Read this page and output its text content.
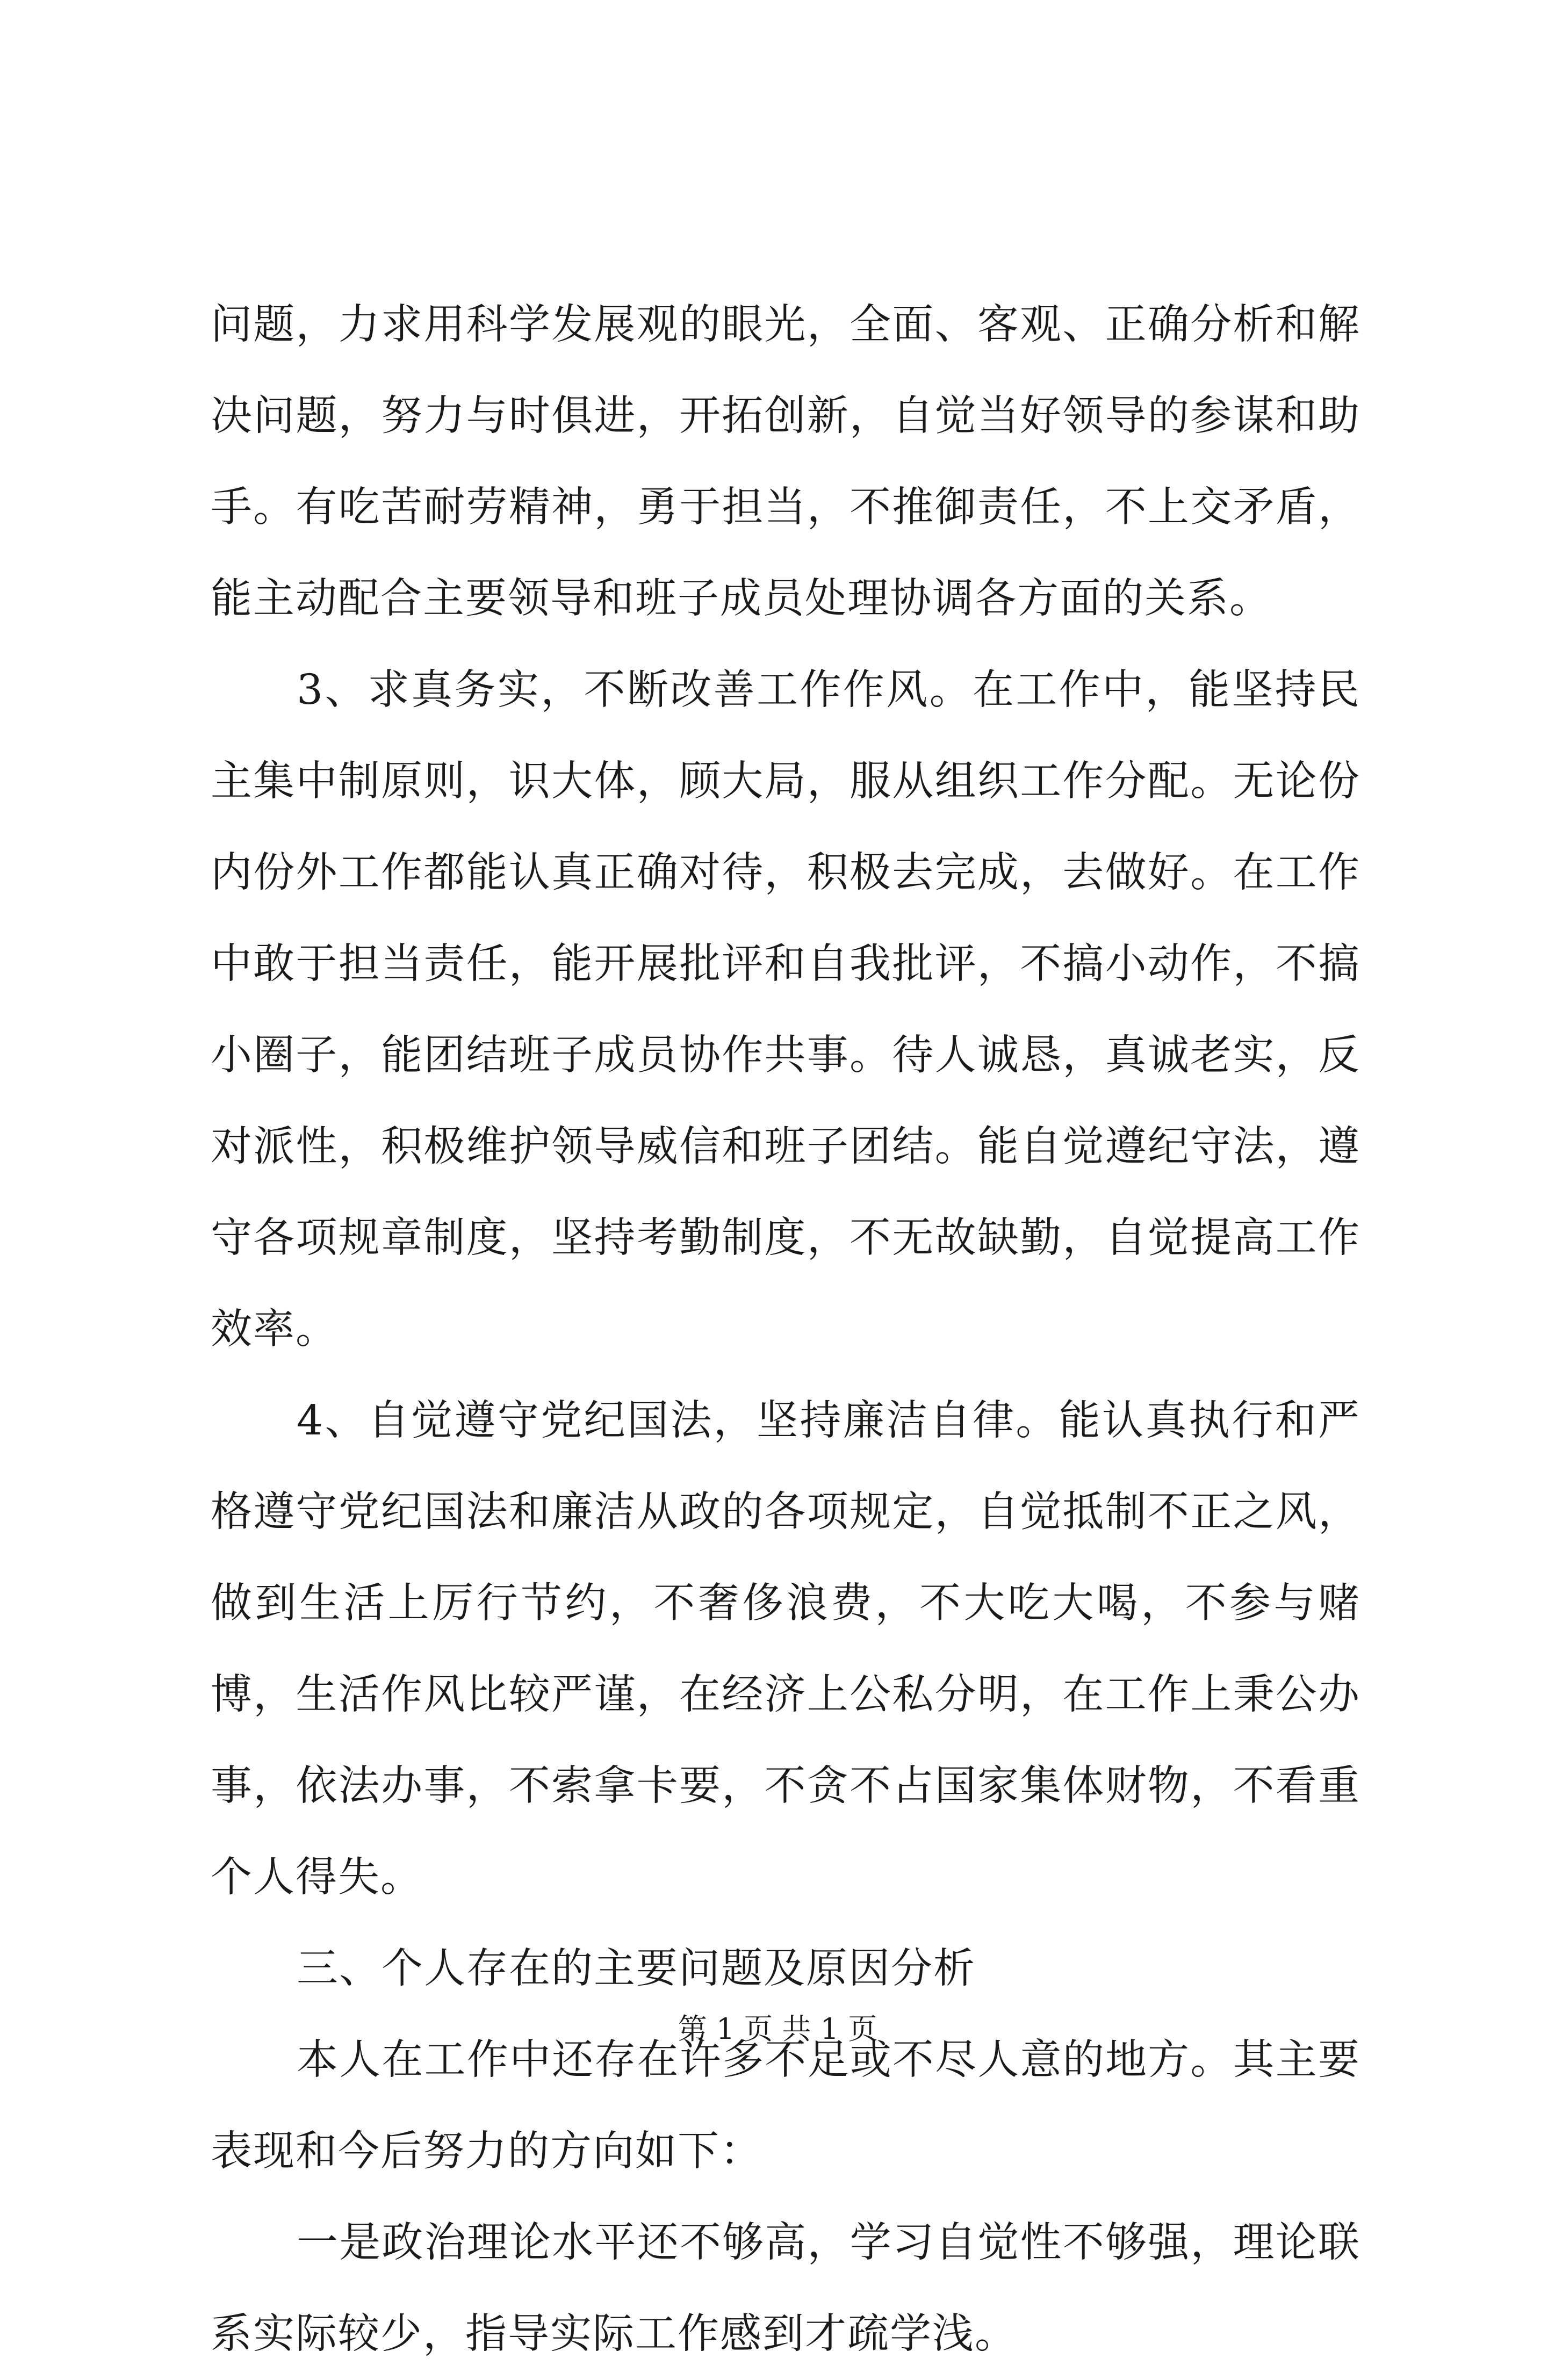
问题，力求用科学发展观的眼光，全面、客观、正确分析和解决问题，努力与时俱进，开拓创新，自觉当好领导的参谋和助手。有吃苦耐劳精神，勇于担当，不推御责任，不上交矛盾，能主动配合主要领导和班子成员处理协调各方面的关系。

3、求真务实，不断改善工作作风。在工作中，能坚持民主集中制原则，识大体，顾大局，服从组织工作分配。无论份内份外工作都能认真正确对待，积极去完成，去做好。在工作中敢于担当责任，能开展批评和自我批评，不搞小动作，不搞小圈子，能团结班子成员协作共事。待人诚恳，真诚老实，反对派性，积极维护领导威信和班子团结。能自觉遵纪守法，遵守各项规章制度，坚持考勤制度，不无故缺勤，自觉提高工作效率。

4、自觉遵守党纪国法，坚持廉洁自律。能认真执行和严格遵守党纪国法和廉洁从政的各项规定，自觉抵制不正之风，做到生活上厉行节约，不奢侈浪费，不大吃大喝，不参与赌博，生活作风比较严谨，在经济上公私分明，在工作上秉公办事，依法办事，不索拿卡要，不贪不占国家集体财物，不看重个人得失。

三、个人存在的主要问题及原因分析

本人在工作中还存在许多不足或不尽人意的地方。其主要表现和今后努力的方向如下：

一是政治理论水平还不够高，学习自觉性不够强，理论联系实际较少，指导实际工作感到才疏学浅。

第 1 页 共 1 页
